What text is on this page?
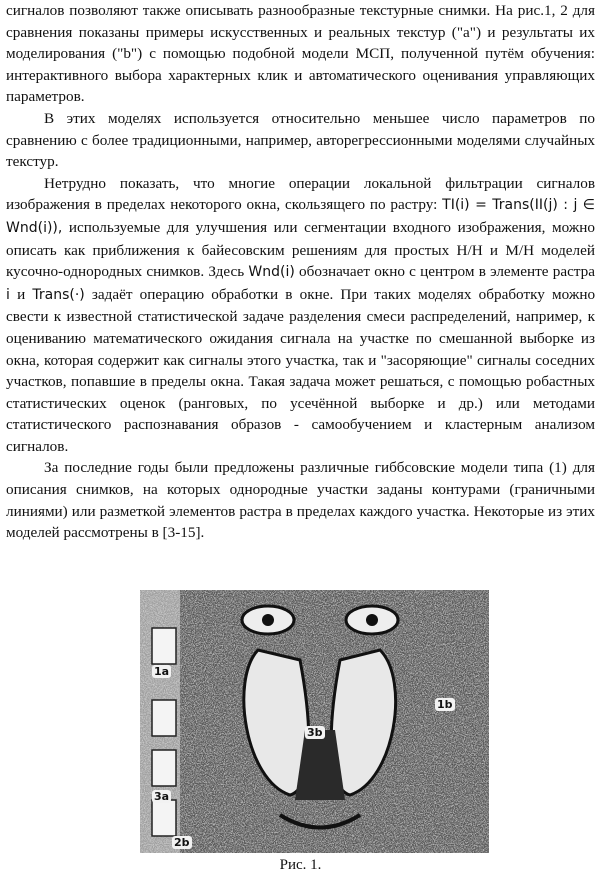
сигналов позволяют также описывать разнообразные текстурные снимки. На рис.1, 2 для сравнения показаны примеры искусственных и реальных текстур ("a") и результаты их моделирования ("b") с помощью подобной модели МСП, полученной путём обучения: интерактивного выбора характерных клик и автоматического оценивания управляющих параметров.

В этих моделях используется относительно меньшее число параметров по сравнению с более традиционными, например, авторегрессионными моделями случайных текстур.

Нетрудно показать, что многие операции локальной фильтрации сигналов изображения в пределах некоторого окна, скользящего по растру: TI(i) = Trans(II(j) : j ∈ Wnd(i)), используемые для улучшения или сегментации входного изображения, можно описать как приближения к байесовским решениям для простых Н/Н и М/Н моделей кусочно-однородных снимков. Здесь Wnd(i) обозначает окно с центром в элементе растра i и Trans(·) задаёт операцию обработки в окне. При таких моделях обработку можно свести к известной статистической задаче разделения смеси распределений, например, к оцениванию математического ожидания сигнала на участке по смешанной выборке из окна, которая содержит как сигналы этого участка, так и "засоряющие" сигналы соседних участков, попавшие в пределы окна. Такая задача может решаться, с помощью робастных статистических оценок (ранговых, по усечённой выборке и др.) или методами статистического распознавания образов - самообучением и кластерным анализом сигналов.

За последние годы были предложены различные гиббсовские модели типа (1) для описания снимков, на которых однородные участки заданы контурами (граничными линиями) или разметкой элементов растра в пределах каждого участка. Некоторые из этих моделей рассмотрены в [3-15].

1a
1b
3b
3a
2b
Рис. 1.
